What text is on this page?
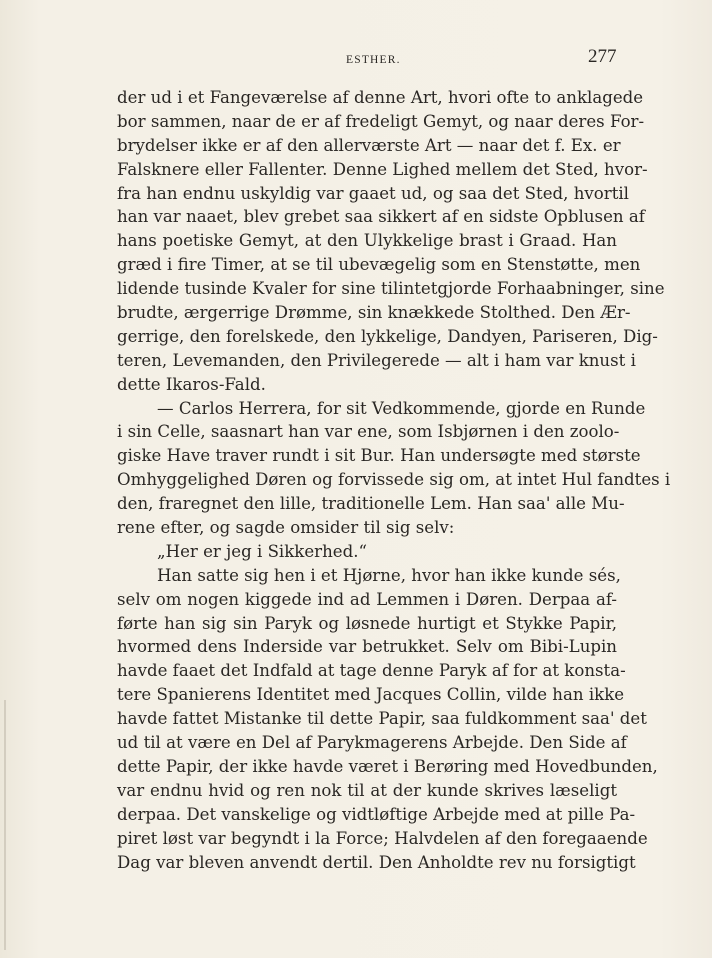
ESTHER.	277
der ud i et Fangeværelse af denne Art, hvori ofte to anklagede
bor sammen, naar de er af fredeligt Gemyt, og naar deres For-
brydelser ikke er af den allerværste Art — naar det f. Ex. er
Falsknere eller Fallenter. Denne Lighed mellem det Sted, hvor-
fra han endnu uskyldig var gaaet ud, og saa det Sted, hvortil
han var naaet, blev grebet saa sikkert af en sidste Opblusen af
hans poetiske Gemyt, at den Ulykkelige brast i Graad. Han
græd i fire Timer, at se til ubevægelig som en Stenstøtte, men
lidende tusinde Kvaler for sine tilintetgjorde Forhaabninger, sine
brudte, ærgerrige Drømme, sin knækkede Stolthed. Den Ær-
gerrige, den forelskede, den lykkelige, Dandyen, Pariseren, Dig-
teren, Levemanden, den Privilegerede — alt i ham var knust i
dette Ikaros-Fald.
— Carlos Herrera, for sit Vedkommende, gjorde en Runde
i sin Celle, saasnart han var ene, som Isbjørnen i den zoolo-
giske Have traver rundt i sit Bur. Han undersøgte med største
Omhyggelighed Døren og forvissede sig om, at intet Hul fandtes i
den, fraregnet den lille, traditionelle Lem. Han saa' alle Mu-
rene efter, og sagde omsider til sig selv:
„Her er jeg i Sikkerhed.“
Han satte sig hen i et Hjørne, hvor han ikke kunde sés,
selv om nogen kiggede ind ad Lemmen i Døren. Derpaa af-
førte han sig sin Paryk og løsnede hurtigt et Stykke Papir,
hvormed dens Inderside var betrukket. Selv om Bibi-Lupin
havde faaet det Indfald at tage denne Paryk af for at konsta-
tere Spanierens Identitet med Jacques Collin, vilde han ikke
havde fattet Mistanke til dette Papir, saa fuldkomment saa' det
ud til at være en Del af Parykmagerens Arbejde. Den Side af
dette Papir, der ikke havde været i Berøring med Hovedbunden,
var endnu hvid og ren nok til at der kunde skrives læseligt
derpaa. Det vanskelige og vidtløftige Arbejde med at pille Pa-
piret løst var begyndt i la Force; Halvdelen af den foregaaende
Dag var bleven anvendt dertil. Den Anholdte rev nu forsigtigt
